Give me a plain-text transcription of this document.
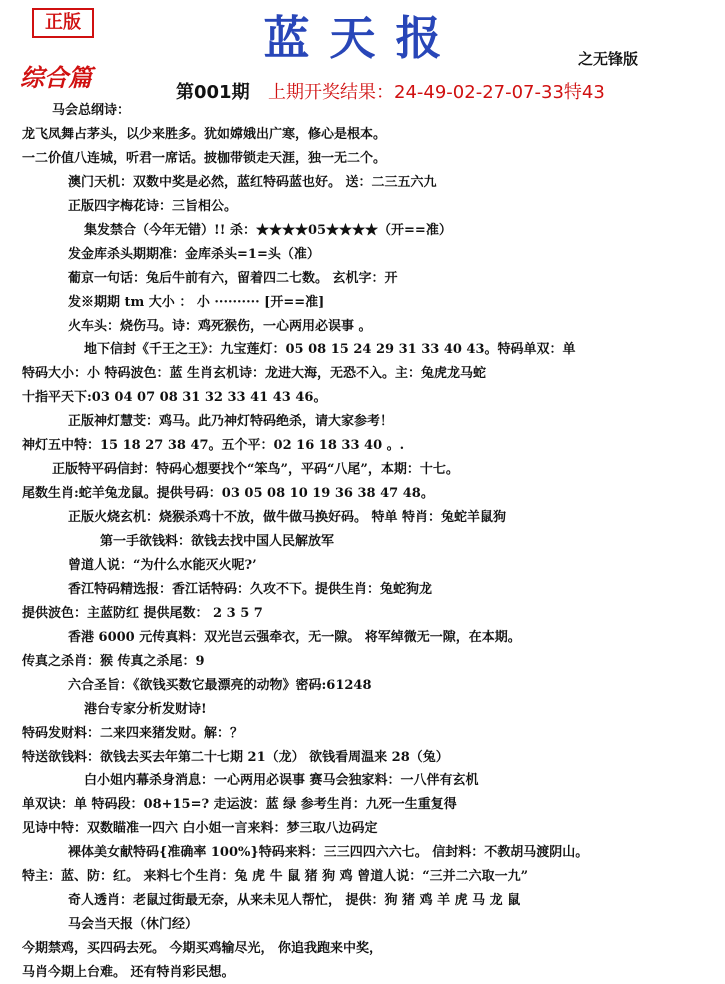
正版	蓝天报	之无锋版
综合篇
第001期 上期开奖结果：24-49-02-27-07-33特43
马会总纲诗：
龙飞凤舞占茅头，以少来胜多。犹如嫦娥出广寒，修心是根本。
一二价值八连城，听君一席话。披枷带锁走天涯，独一无二个。
澳门天机：双数中奖是必然，蓝红特码蓝也好。 送：二三五六九
正版四字梅花诗：三旨相公。
集发禁合（今年无错）!! 杀：★★★★05★★★★（开==准）
发金库杀头期期准：金库杀头=1=头（准）
葡京一句话：兔后牛前有六，留着四二七数。 玄机字：开
发※期期 tm 大小 ： 小 ·········· [开==准]
火车头：烧伤马。诗：鸡死猴伤，一心两用必误事 。
地下信封《千王之王》：九宝莲灯：05 08 15 24 29 31 33 40 43。特码单双：单
特码大小：小 特码波色：蓝 生肖玄机诗：龙进大海，无恐不入。主：兔虎龙马蛇
十指平天下:03 04 07 08 31 32 33 41 43 46。
正版神灯慧芠：鸡马。此乃神灯特码绝杀，请大家参考！
神灯五中特：15 18 27 38 47。五个平：02 16 18 33 40 。.
正版特平码信封：特码心想要找个“笨鸟”，平码“八尾”，本期：十七。
尾数生肖:蛇羊兔龙鼠。提供号码：03 05 08 10 19 36 38 47 48。
正版火烧玄机：烧猴杀鸡十不放，做牛做马换好码。 特单 特肖：兔蛇羊鼠狗
第一手欲钱料：欲钱去找中国人民解放军
曾道人说：“为什么水能灭火呢?’
香江特码精选报：香江话特码：久攻不下。提供生肖：兔蛇狗龙
提供波色：主蓝防红 提供尾数： 2 3 5 7
香港 6000 元传真料：双光岂云强牵衣，无一隙。 将军绰微无一隙，在本期。
传真之杀肖：猴 传真之杀尾：9
六合圣旨：《欲钱买数它最漂亮的动物》密码:61248
港台专家分析发财诗!
特码发财料：二来四来猪发财。解：？
特送欲钱料：欲钱去买去年第二十七期 21（龙） 欲钱看周温来 28（兔）
白小姐内幕杀身消息：一心两用必误事 赛马会独家料：一八伴有玄机
单双诀：单 特码段：08+15=? 走运波：蓝 绿 参考生肖：九死一生重复得
见诗中特：双数瞄准一四六 白小姐一言来料：梦三取八边码定
裸体美女献特码{准确率 100%}特码来料：三三四四六六七。 信封料：不教胡马渡阴山。
特主：蓝、防：红。 来料七个生肖：兔 虎 牛 鼠 猪 狗 鸡 曾道人说：“三并二六取一九”
奇人透肖：老鼠过街最无奈，从来未见人帮忙， 提供：狗 猪 鸡 羊 虎 马 龙 鼠
马会当天报（休门经）
今期禁鸡，买四码去死。 今期买鸡输尽光， 你追我跑来中奖，
马肖今期上台难。 还有特肖彩民想。
